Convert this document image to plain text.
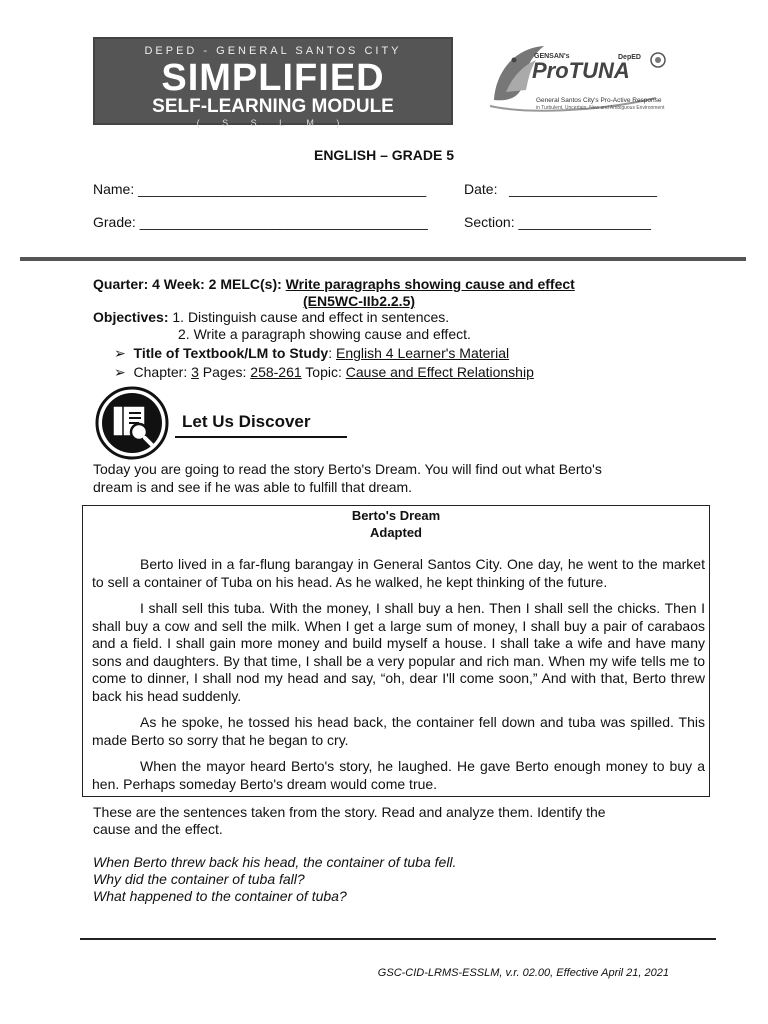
DEPED - GENERAL SANTOS CITY
SIMPLIFIED
SELF-LEARNING MODULE
( S S L M )
GENSAN's
ProTUNA
DepED
General Santos City's Pro-Active Response
in Turbulent, Uncertain, New and Ambiguous Environment
ENGLISH – GRADE 5
Name: _____________________________________	Date: ___________________
Grade: _____________________________________	Section: _________________
Quarter: 4 Week: 2 MELC(s): Write paragraphs showing cause and effect
(EN5WC-IIb2.2.5)
Objectives: 1. Distinguish cause and effect in sentences.
2. Write a paragraph showing cause and effect.
➢ Title of Textbook/LM to Study: English 4 Learner's Material
➢ Chapter: 3 Pages: 258-261 Topic: Cause and Effect Relationship
Let Us Discover
Today you are going to read the story Berto's Dream. You will find out what Berto's
dream is and see if he was able to fulfill that dream.
Berto's Dream
Adapted
Berto lived in a far-flung barangay in General Santos City. One day, he went to the market to sell a container of Tuba on his head. As he walked, he kept thinking of the future.
I shall sell this tuba. With the money, I shall buy a hen. Then I shall sell the chicks. Then I shall buy a cow and sell the milk. When I get a large sum of money, I shall buy a pair of carabaos and a field. I shall gain more money and build myself a house. I shall take a wife and have many sons and daughters. By that time, I shall be a very popular and rich man. When my wife tells me to come to dinner, I shall nod my head and say, “oh, dear I'll come soon,” And with that, Berto threw back his head suddenly.
As he spoke, he tossed his head back, the container fell down and tuba was spilled. This made Berto so sorry that he began to cry.
When the mayor heard Berto's story, he laughed. He gave Berto enough money to buy a hen. Perhaps someday Berto's dream would come true.
These are the sentences taken from the story. Read and analyze them. Identify the
cause and the effect.
When Berto threw back his head, the container of tuba fell.
Why did the container of tuba fall?
What happened to the container of tuba?
GSC-CID-LRMS-ESSLM, v.r. 02.00, Effective April 21, 2021
